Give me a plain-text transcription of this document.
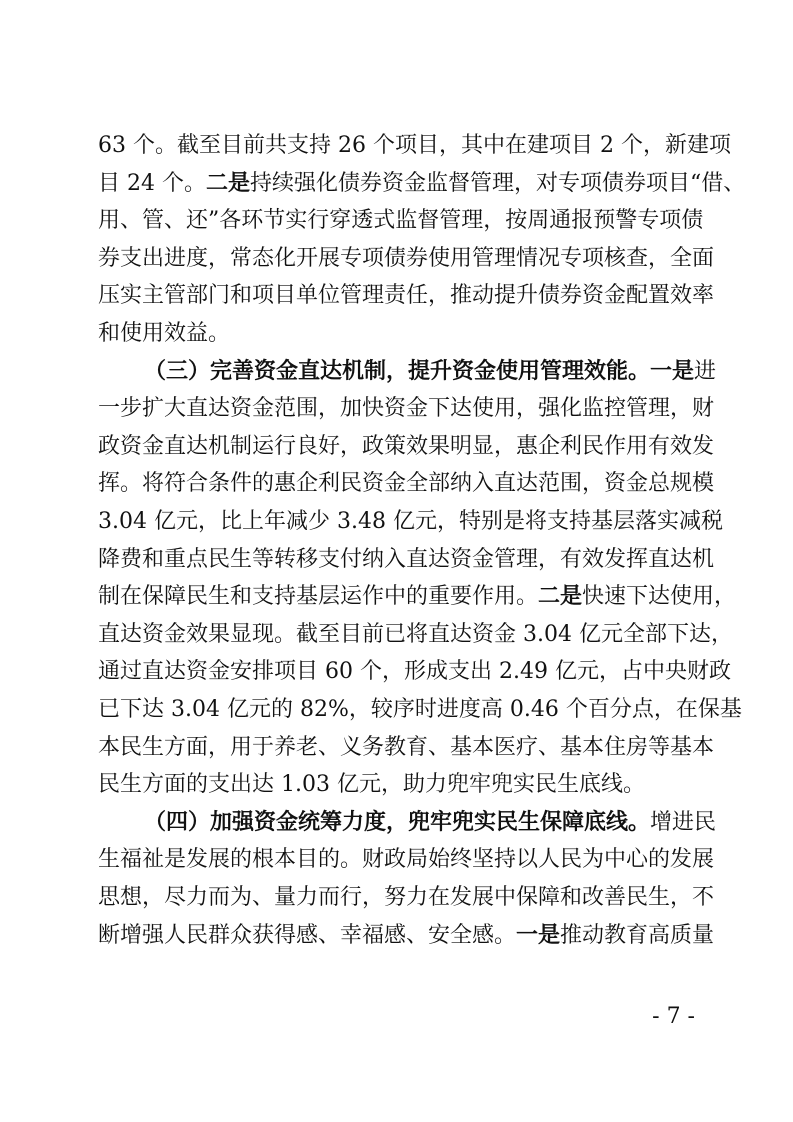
63 个。截至目前共支持 26 个项目，其中在建项目 2 个，新建项
目 24 个。二是持续强化债券资金监督管理，对专项债券项目“借、
用、管、还”各环节实行穿透式监督管理，按周通报预警专项债
券支出进度，常态化开展专项债券使用管理情况专项核查，全面
压实主管部门和项目单位管理责任，推动提升债券资金配置效率
和使用效益。
（三）完善资金直达机制，提升资金使用管理效能。一是进
一步扩大直达资金范围，加快资金下达使用，强化监控管理，财
政资金直达机制运行良好，政策效果明显，惠企利民作用有效发
挥。将符合条件的惠企利民资金全部纳入直达范围，资金总规模
3.04 亿元，比上年减少 3.48 亿元，特别是将支持基层落实减税
降费和重点民生等转移支付纳入直达资金管理，有效发挥直达机
制在保障民生和支持基层运作中的重要作用。二是快速下达使用，
直达资金效果显现。截至目前已将直达资金 3.04 亿元全部下达，
通过直达资金安排项目 60 个，形成支出 2.49 亿元，占中央财政
已下达 3.04 亿元的 82%，较序时进度高 0.46 个百分点，在保基
本民生方面，用于养老、义务教育、基本医疗、基本住房等基本
民生方面的支出达 1.03 亿元，助力兜牢兜实民生底线。
（四）加强资金统筹力度，兜牢兜实民生保障底线。增进民
生福祉是发展的根本目的。财政局始终坚持以人民为中心的发展
思想，尽力而为、量力而行，努力在发展中保障和改善民生，不
断增强人民群众获得感、幸福感、安全感。一是推动教育高质量
- 7 -
